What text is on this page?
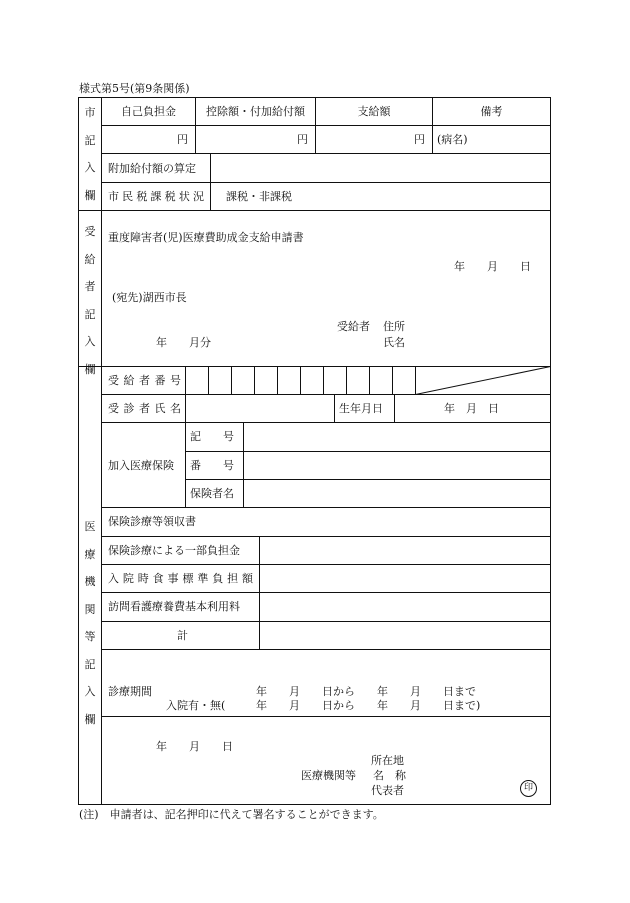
様式第5号(第9条関係)
市記入欄
自己負担金	控除額・付加給付額	支給額	備考
円	円	円 (病名)
附加給付額の算定
市民税課税状況 課税・非課税
受給者記入欄
重度障害者(児)医療費助成金支給申請書
年　　月　　日
(宛先)湖西市長
受給者 住所
氏名
年　　月分
医療機関等記入欄
受給者番号
受診者氏名	生年月日	年　月　日
加入医療保険
記　　号
番　　号
保険者名
保険診療等領収書
保険診療による一部負担金
入院時食事標準負担額
訪問看護療養費基本利用料
計
診療期間	年　　月　　日から　　年　　月　　日まで
入院有・無(	年　　月　　日から　　年　　月　　日まで)
年　　月　　日
所在地
医療機関等 名　称
代表者	印
(注)　申請者は、記名押印に代えて署名することができます。
